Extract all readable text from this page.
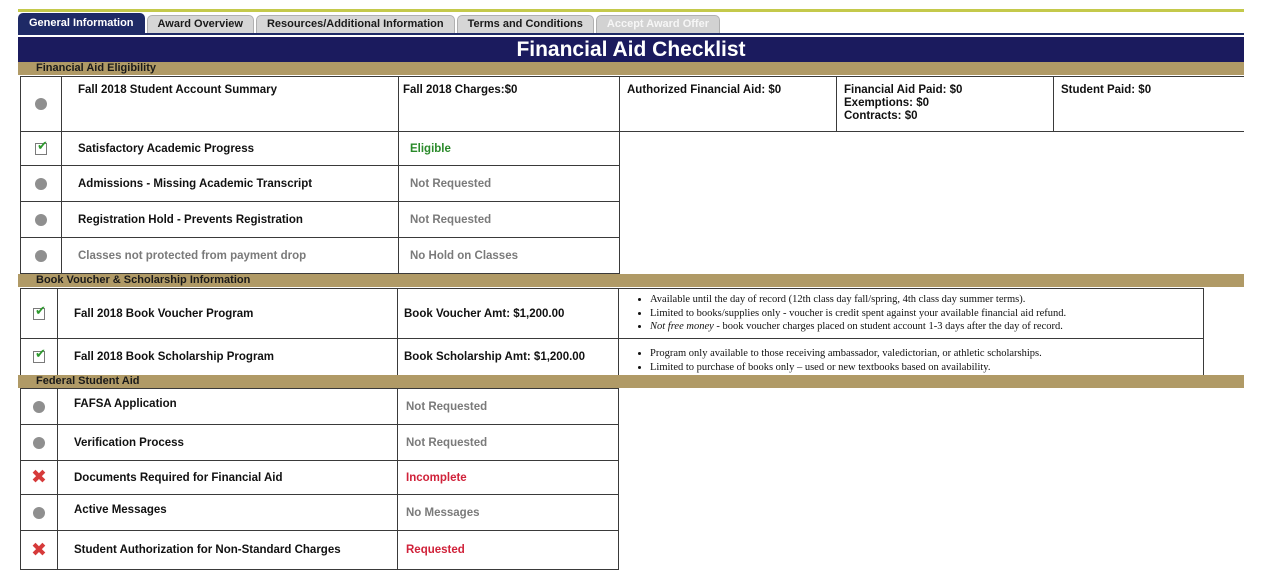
General Information	Award Overview	Resources/Additional Information	Terms and Conditions	Accept Award Offer
Financial Aid Checklist
Financial Aid Eligibility
Fall 2018 Student Account Summary	Fall 2018 Charges:$0	Authorized Financial Aid: $0	Financial Aid Paid: $0
Exemptions: $0
Contracts: $0
Student Paid: $0
✔
Satisfactory Academic Progress	Eligible
Admissions - Missing Academic Transcript	Not Requested
Registration Hold - Prevents Registration	Not Requested
Classes not protected from payment drop	No Hold on Classes
Book Voucher & Scholarship Information
✔
Fall 2018 Book Voucher Program	Book Voucher Amt: $1,200.00
• Available until the day of record (12th class day fall/spring, 4th class day summer terms).
• Limited to books/supplies only - voucher is credit spent against your available financial aid refund.
• Not free money - book voucher charges placed on student account 1-3 days after the day of record.
✔
Fall 2018 Book Scholarship Program	Book Scholarship Amt: $1,200.00
•	Program only available to those receiving ambassador, valedictorian, or athletic scholarships.
• Limited to purchase of books only – used or new textbooks based on availability.
Federal Student Aid
FAFSA Application	Not Requested
Verification Process	Not Requested
✖	Documents Required for Financial Aid	Incomplete
Active Messages	No Messages
✖	Student Authorization for Non-Standard Charges	Requested
